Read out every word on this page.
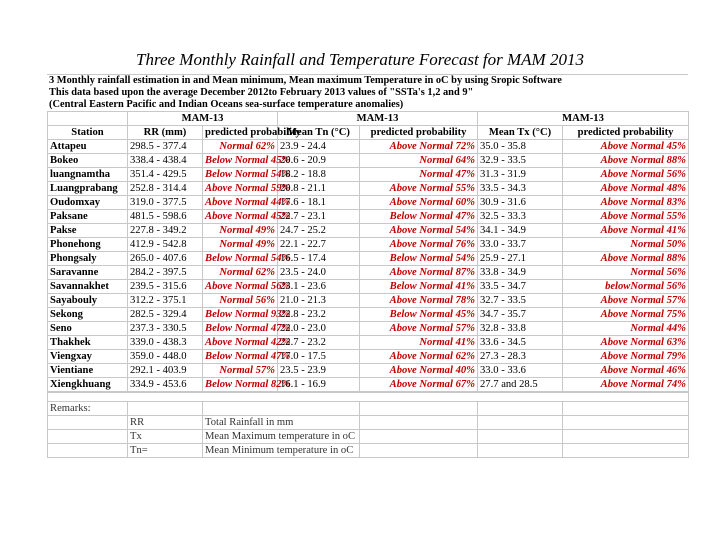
Three Monthly Rainfall and Temperature Forecast for MAM 2013
3 Monthly rainfall estimation in and Mean minimum, Mean maximum Temperature in oC by using Sropic Software
This data based upon the average December 2012to February 2013 values of "SSTa's 1,2 and 9"
(Central Eastern Pacific and Indian Oceans sea-surface temperature anomalies)
	MAM-13		MAM-13		MAM-13	
Station	RR (mm)	predicted probability	Mean Tn (°C)	predicted probability	Mean Tx (°C)	predicted probability
Attapeu	298.5 - 377.4	Normal 62%	23.9 - 24.4	Above Normal 72%	35.0 - 35.8	Above Normal 45%
Bokeo	338.4 - 438.4	Below Normal 45%	20.6 - 20.9	Normal 64%	32.9 - 33.5	Above Normal 88%
luangnamtha	351.4 - 429.5	Below Normal 54%	18.2 - 18.8	Normal 47%	31.3 - 31.9	Above Normal 56%
Luangprabang	252.8 - 314.4	Above Normal 59%	20.8 - 21.1	Above Normal 55%	33.5 - 34.3	Above Normal 48%
Oudomxay	319.0 - 377.5	Above Normal 44%	17.6 - 18.1	Above Normal 60%	30.9 - 31.6	Above Normal 83%
Paksane	481.5 - 598.6	Above Normal 45%	22.7 - 23.1	Below Normal 47%	32.5 - 33.3	Above Normal 55%
Pakse	227.8 - 349.2	Normal 49%	24.7 - 25.2	Above Normal 54%	34.1 - 34.9	Above Normal 41%
Phonehong	412.9 - 542.8	Normal 49%	22.1 - 22.7	Above Normal 76%	33.0 - 33.7	Normal 50%
Phongsaly	265.0 - 407.6	Below Normal 54%	16.5 - 17.4	Below Normal 54%	25.9 - 27.1	Above Normal 88%
Saravanne	284.2 - 397.5	Normal 62%	23.5 - 24.0	Above Normal 87%	33.8 - 34.9	Normal 56%
Savannakhet	239.5 - 315.6	Above Normal 56%	23.1 - 23.6	Below Normal 41%	33.5 - 34.7	belowNormal 56%
Sayabouly	312.2 - 375.1	Normal 56%	21.0 - 21.3	Above Normal 78%	32.7 - 33.5	Above Normal 57%
Sekong	282.5 - 329.4	Below Normal 93%	22.8 - 23.2	Below Normal 45%	34.7 - 35.7	Above Normal 75%
Seno	237.3 - 330.5	Below Normal 47%	22.0 - 23.0	Above Normal 57%	32.8 - 33.8	Normal 44%
Thakhek	339.0 - 438.3	Above Normal 42%	22.7 - 23.2	Normal 41%	33.6 - 34.5	Above Normal 63%
Viengxay	359.0 - 448.0	Below Normal 47%	17.0 - 17.5	Above Normal 62%	27.3 - 28.3	Above Normal 79%
Vientiane	292.1 - 403.9	Normal 57%	23.5 - 23.9	Above Normal 40%	33.0 - 33.6	Above Normal 46%
Xiengkhuang	334.9 - 453.6	Below Normal 82%	16.1 - 16.9	Above Normal 67%	27.7 and 28.5	Above Normal 74%

Remarks:					
	RR	Total Rainfall in mm			
	Tx	Mean Maximum temperature in oC			
	Tn=	Mean Minimum temperature in oC			
